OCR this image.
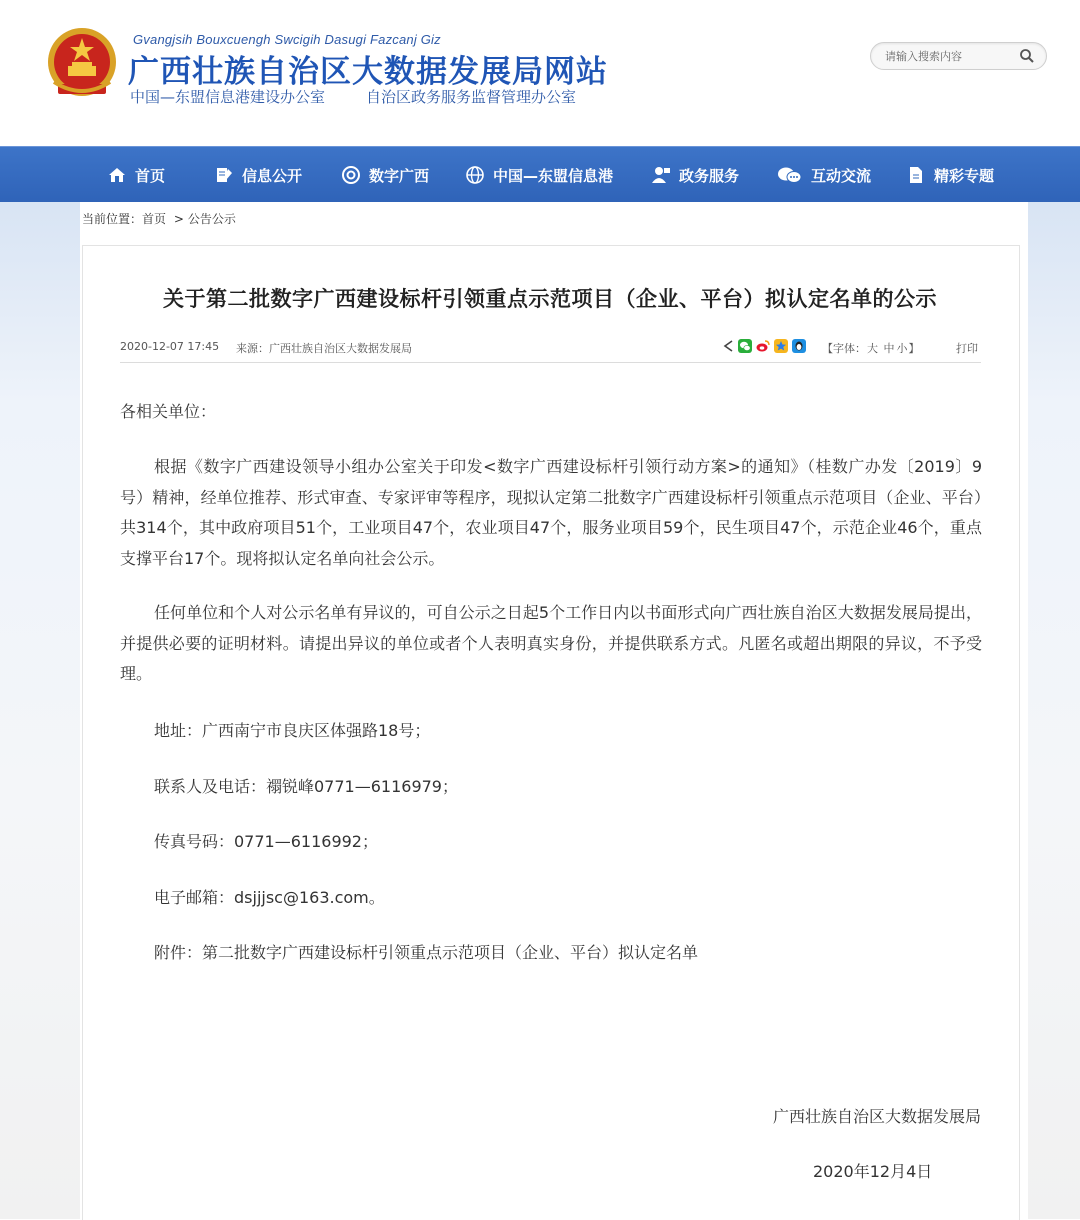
Gvangjsih Bouxcuengh Swcigih Dasugi Fazcanj Giz
广西壮族自治区大数据发展局网站
中国—东盟信息港建设办公室	自治区政务服务监督管理办公室
请输入搜索内容
首页	信息公开	数字广西	中国—东盟信息港	政务服务	互动交流	精彩专题
当前位置：首页 > 公告公示
关于第二批数字广西建设标杆引领重点示范项目（企业、平台）拟认定名单的公示
2020-12-07 17:45 来源：广西壮族自治区大数据发展局	【字体：大 中 小】	打印
各相关单位：
根据《数字广西建设领导小组办公室关于印发<数字广西建设标杆引领行动方案>的通知》（桂数广办发〔2019〕9号）精神，经单位推荐、形式审查、专家评审等程序，现拟认定第二批数字广西建设标杆引领重点示范项目（企业、平台）共314个，其中政府项目51个，工业项目47个，农业项目47个，服务业项目59个，民生项目47个，示范企业46个，重点支撑平台17个。现将拟认定名单向社会公示。
任何单位和个人对公示名单有异议的，可自公示之日起5个工作日内以书面形式向广西壮族自治区大数据发展局提出，并提供必要的证明材料。请提出异议的单位或者个人表明真实身份，并提供联系方式。凡匿名或超出期限的异议，不予受理。
地址：广西南宁市良庆区体强路18号；
联系人及电话：禤锐峰0771—6116979；
传真号码：0771—6116992；
电子邮箱：dsjjjsc@163.com。
附件：第二批数字广西建设标杆引领重点示范项目（企业、平台）拟认定名单
广西壮族自治区大数据发展局
2020年12月4日
